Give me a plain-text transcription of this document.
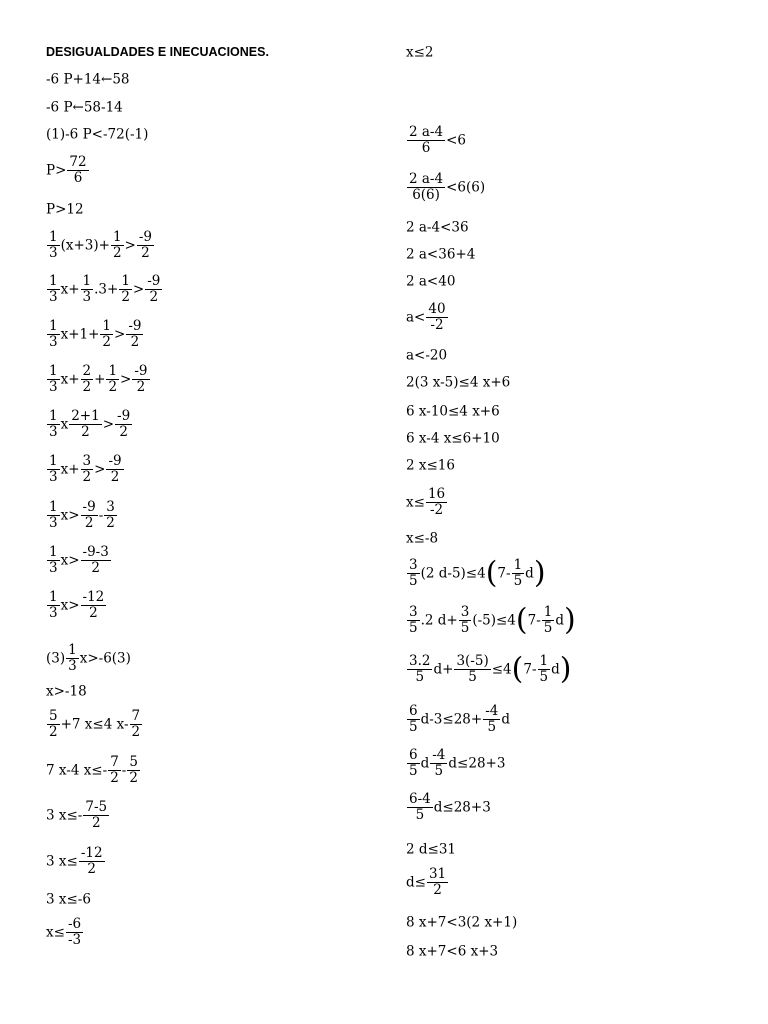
DESIGUALDADES E INECUACIONES.
-6 P+14←58
-6 P←58-14
(1)-6 P<-72(-1)
$P> \frac{72}{6}$
P>12
$\frac{1}{3} (x+3)+ \frac{1}{2} > \frac{-9}{2}$
$\frac{1}{3} x+ \frac{1}{3} .3+ \frac{1}{2} > \frac{-9}{2}$
$\frac{1}{3} x+1+ \frac{1}{2} > \frac{-9}{2}$
$\frac{1}{3} x+ \frac{2}{2} + \frac{1}{2} > \frac{-9}{2}$
$\frac{1}{3}$ x $\frac{2+1}{2} > \frac{-9}{2}$
$\frac{1}{3} x+ \frac{3}{2} > \frac{-9}{2}$
$\frac{1}{3} x> \frac{-9}{2} - \frac{3}{2}$
$\frac{1}{3} x> \frac{-9-3}{2}$
$\frac{1}{3} x> \frac{-12}{2}$
$(3) \frac{1}{3} x>-6(3)$
x>-18
$\frac{5}{2} +7$ x≤4 $x- \frac{7}{2}$
7 x-4 $x\le- \frac{7}{2} - \frac{5}{2}$
3 $x\le- \frac{7-5}{2}$
3 $x\le \frac{-12}{2}$
3 x≤-6
$x\le \frac{-6}{-3}$
x≤2
$\frac{2 a-4}{6} <6$
$\frac{2 a-4}{6(6)} <6(6)$
2 a-4<36
2 a<36+4
2 a<40
$a< \frac{40}{-2}$
a<-20
2(3 x-5)≤4 x+6
6 x-10≤4 x+6
6 x-4 x≤6+10
2 x≤16
$x\le \frac{16}{-2}$
x≤-8
$\frac{3}{5} (2$ $d-5)\le 4(7- \frac{1}{5} d)$
$\frac{3}{5} .2$ $d+ \frac{3}{5} (-5)\le 4(7- \frac{1}{5} d)$
$\frac{3.2}{5} d+ \frac{3(-5)}{5} \le 4(7- \frac{1}{5} d)$
$\frac{6}{5} d-3\le 28+ \frac{-4}{5}$ d
$\frac{6}{5}$ d $\frac{-4}{5} d\le 28+3$
$\frac{6-4}{5} d\le 28+3$
2 d≤31
$d\le \frac{31}{2}$
8 x+7<3(2 x+1)
8 x+7<6 x+3
